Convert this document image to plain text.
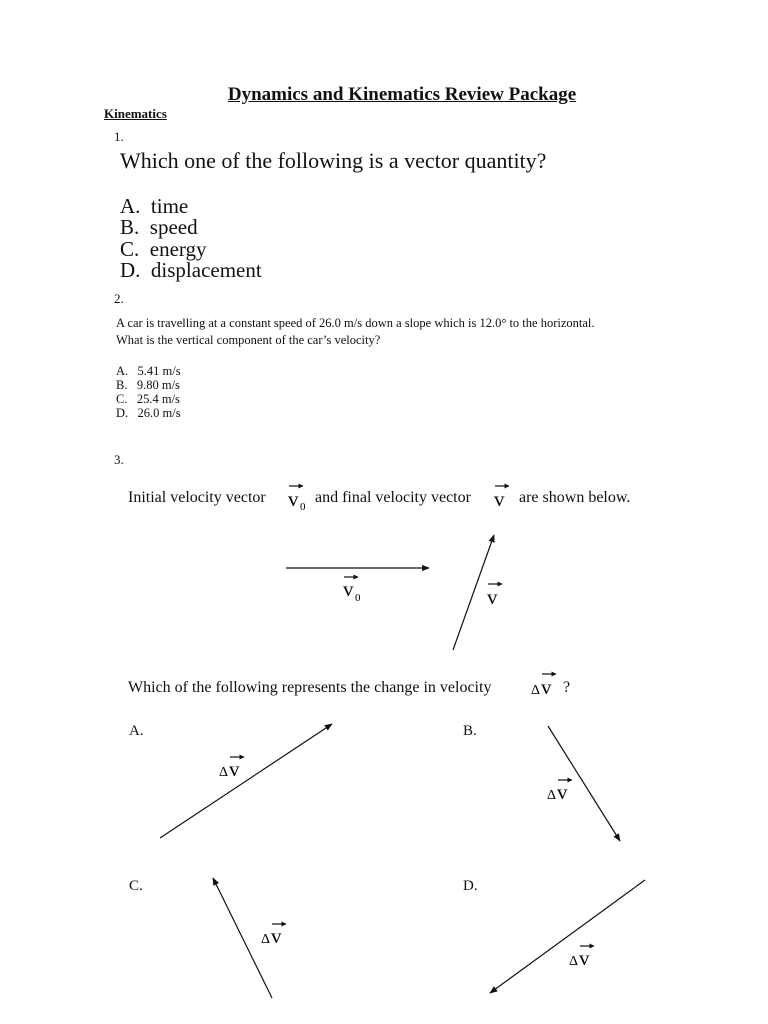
Dynamics and Kinematics Review Package
Kinematics
1.
Which one of the following is a vector quantity?
A. time
B. speed
C. energy
D. displacement
2.
A car is travelling at a constant speed of 26.0 m/s down a slope which is 12.0° to the horizontal.
What is the vertical component of the car’s velocity?
A. 5.41 m/s
B. 9.80 m/s
C. 25.4 m/s
D. 26.0 m/s
3.
Initial velocity vector	and final velocity vector	are shown below.
Which of the following represents the change in velocity	?
A.	B.
C.	D.
v 0	v
v 0	v
Δ v
Δ v
Δ v
Δ v
Δ v
